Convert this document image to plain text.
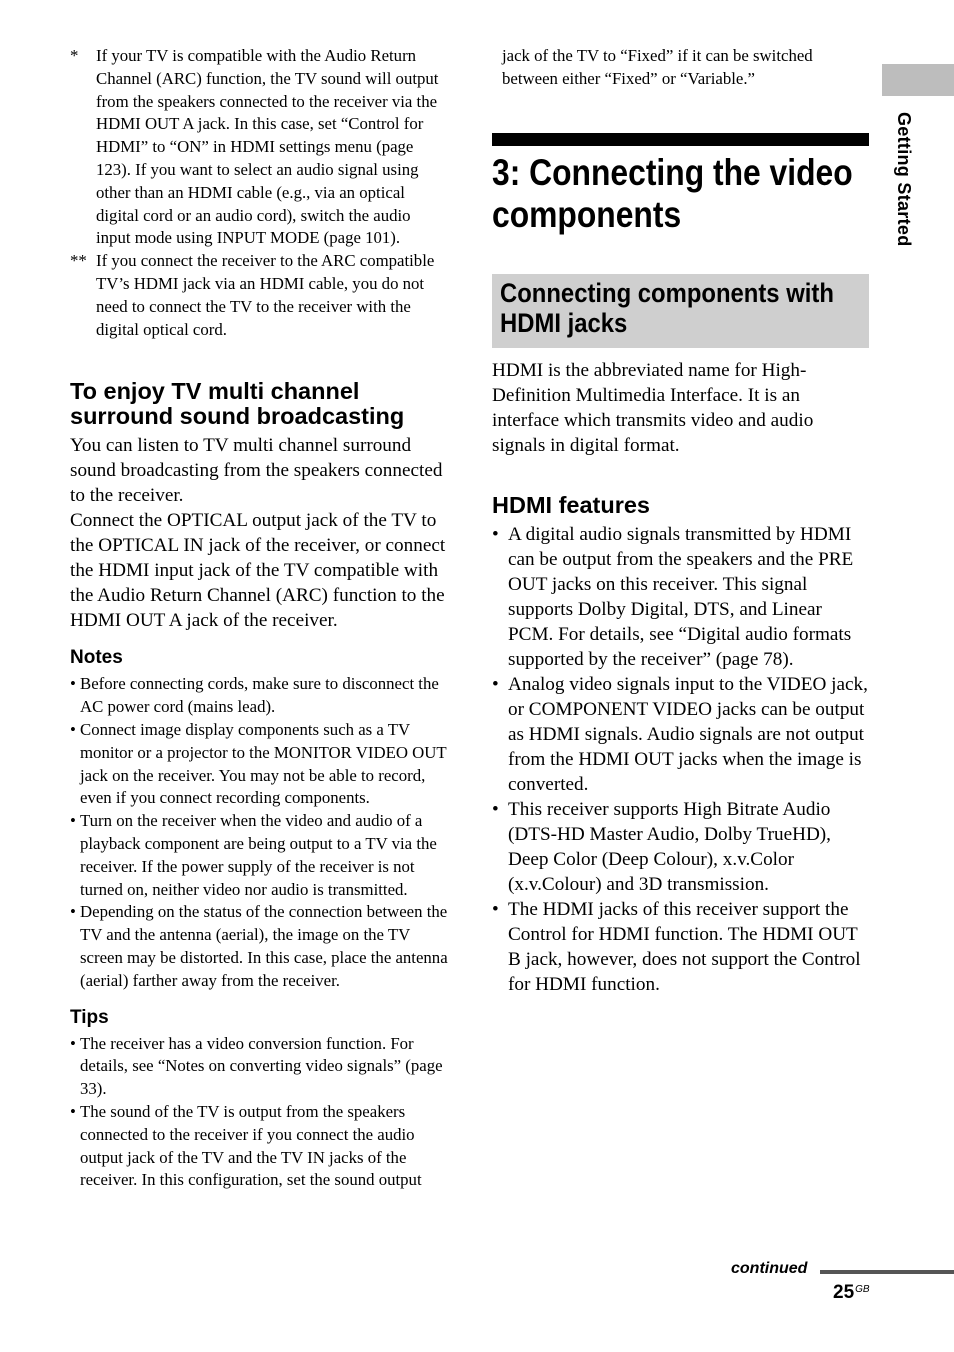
* If your TV is compatible with the Audio Return Channel (ARC) function, the TV sound will output from the speakers connected to the receiver via the HDMI OUT A jack. In this case, set “Control for HDMI” to “ON” in HDMI settings menu (page 123). If you want to select an audio signal using other than an HDMI cable (e.g., via an optical digital cord or an audio cord), switch the audio input mode using INPUT MODE (page 101).
** If you connect the receiver to the ARC compatible TV’s HDMI jack via an HDMI cable, you do not need to connect the TV to the receiver with the digital optical cord.
To enjoy TV multi channel surround sound broadcasting

You can listen to TV multi channel surround sound broadcasting from the speakers connected to the receiver.

Connect the OPTICAL output jack of the TV to the OPTICAL IN jack of the receiver, or connect the HDMI input jack of the TV compatible with the Audio Return Channel (ARC) function to the HDMI OUT A jack of the receiver.

Notes
• Before connecting cords, make sure to disconnect the AC power cord (mains lead).
• Connect image display components such as a TV monitor or a projector to the MONITOR VIDEO OUT jack on the receiver. You may not be able to record, even if you connect recording components.
• Turn on the receiver when the video and audio of a playback component are being output to a TV via the receiver. If the power supply of the receiver is not turned on, neither video nor audio is transmitted.
• Depending on the status of the connection between the TV and the antenna (aerial), the image on the TV screen may be distorted. In this case, place the antenna (aerial) farther away from the receiver.
Tips
• The receiver has a video conversion function. For details, see “Notes on converting video signals” (page 33).
• The sound of the TV is output from the speakers connected to the receiver if you connect the audio output jack of the TV and the TV IN jacks of the receiver. In this configuration, set the sound output
jack of the TV to “Fixed” if it can be switched between either “Fixed” or “Variable.”
3: Connecting the video components
Connecting components with HDMI jacks

HDMI is the abbreviated name for High-Definition Multimedia Interface. It is an interface which transmits video and audio signals in digital format.

HDMI features
• A digital audio signals transmitted by HDMI can be output from the speakers and the PRE OUT jacks on this receiver. This signal supports Dolby Digital, DTS, and Linear PCM. For details, see “Digital audio formats supported by the receiver” (page 78).
• Analog video signals input to the VIDEO jack, or COMPONENT VIDEO jacks can be output as HDMI signals. Audio signals are not output from the HDMI OUT jacks when the image is converted.
• This receiver supports High Bitrate Audio (DTS-HD Master Audio, Dolby TrueHD), Deep Color (Deep Colour), x.v.Color (x.v.Colour) and 3D transmission.
• The HDMI jacks of this receiver support the Control for HDMI function. The HDMI OUT B jack, however, does not support the Control for HDMI function.
Getting Started
continued
$25^{GB}$
